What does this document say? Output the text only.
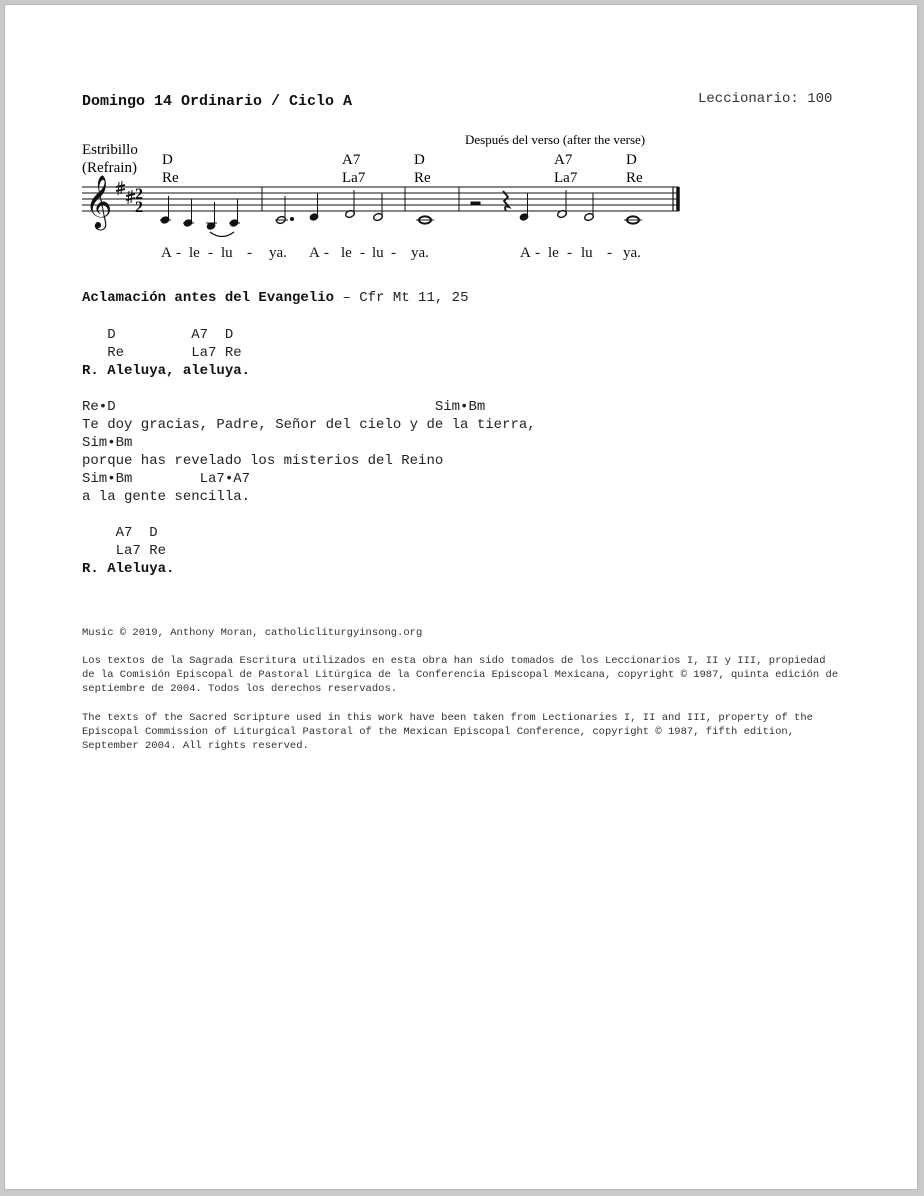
Domingo 14 Ordinario / Ciclo A	Leccionario: 100
Estribillo
(Refrain)
Después del verso (after the verse)
D
Re
A7
La7
D
Re
A7
La7
D
Re
𝄞 2
2
A - le - lu - ya. A - le - lu - ya.	A - le - lu - ya.
Aclamación antes del Evangelio – Cfr Mt 11, 25
D         A7  D
Re        La7 Re
R. Aleluya, aleluya.
Re•D                                      Sim•Bm
Te doy gracias, Padre, Señor del cielo y de la tierra,
Sim•Bm
porque has revelado los misterios del Reino
Sim•Bm        La7•A7
a la gente sencilla.
A7  D
La7 Re
R. Aleluya.
Music © 2019, Anthony Moran, catholicliturgyinsong.org
Los textos de la Sagrada Escritura utilizados en esta obra han sido tomados de los Leccionarios I, II y III, propiedad de la Comisión Episcopal de Pastoral Litúrgica de la Conferencia Episcopal Mexicana, copyright © 1987, quinta edición de septiembre de 2004. Todos los derechos reservados.
The texts of the Sacred Scripture used in this work have been taken from Lectionaries I, II and III, property of the Episcopal Commission of Liturgical Pastoral of the Mexican Episcopal Conference, copyright © 1987, fifth edition, September 2004. All rights reserved.
